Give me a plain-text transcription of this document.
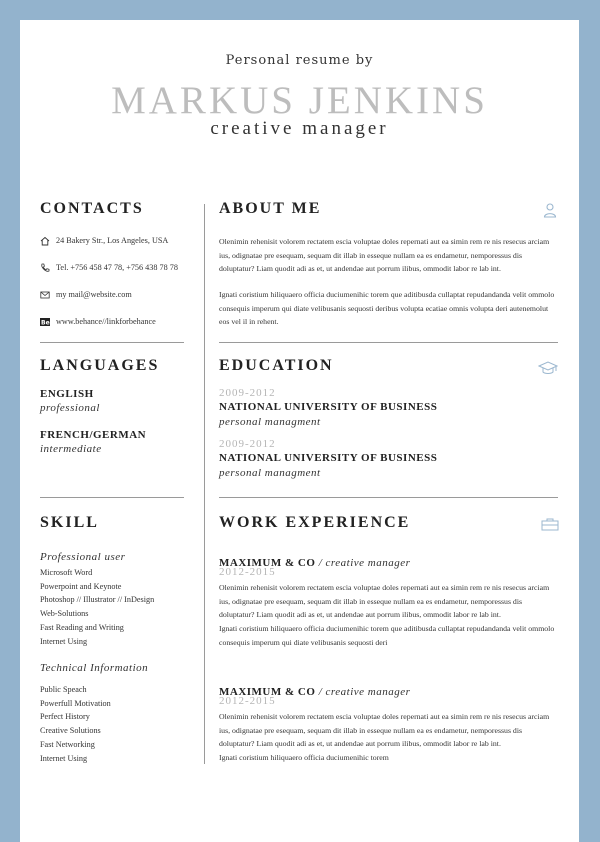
Personal resume by
MARKUS JENKINS
creative manager
CONTACTS
24 Bakery Str., Los Angeles, USA
Tel. +756 458 47 78, +756 438 78 78
my mail@website.com
Be www.behance//linkforbehance
LANGUAGES
ENGLISH
professional
FRENCH/GERMAN
intermediate
SKILL
Professional user
Microsoft Word
Powerpoint and Keynote
Photoshop // Illustrator // InDesign
Web-Solutions
Fast Reading and Writing
Internet Using
Technical Information
Public Speach
Powerfull Motivation
Perfect History
Creative Solutions
Fast Networking
Internet Using
ABOUT ME
Olenimin rehenisit volorem rectatem escia voluptae doles repernati aut ea simin rem re nis resecus arciam ius, odignatae pre esequam, sequam dit illab in esseque nullam ea es endametur, nemporessus dis doluptatur? Liam quodit adi as et, ut andendae aut porrum ilibus, ommodit labor re lab int.
Ignati coristium hiliquaero officia duciumenihic torem que aditibusda cullaptat repudandanda velit ommolo consequis imperum qui diate velibusanis sequosti deribus volupta ecatiae omnis volupta deri autenemolut eos vel il in rehent.
EDUCATION
2009-2012
NATIONAL UNIVERSITY OF BUSINESS
personal managment
2009-2012
NATIONAL UNIVERSITY OF BUSINESS
personal managment
WORK EXPERIENCE
MAXIMUM & CO / creative manager
2012-2015
Olenimin rehenisit volorem rectatem escia voluptae doles repernati aut ea simin rem re nis resecus arciam ius, odignatae pre esequam, sequam dit illab in esseque nullam ea es endametur, nemporessus dis doluptatur? Liam quodit adi as et, ut andendae aut porrum ilibus, ommodit labor re lab int.
Ignati coristium hiliquaero officia duciumenihic torem que aditibusda cullaptat repudandanda velit ommolo consequis imperum qui diate velibusanis sequosti deri
MAXIMUM & CO / creative manager
2012-2015
Olenimin rehenisit volorem rectatem escia voluptae doles repernati aut ea simin rem re nis resecus arciam ius, odignatae pre esequam, sequam dit illab in esseque nullam ea es endametur, nemporessus dis doluptatur? Liam quodit adi as et, ut andendae aut porrum ilibus, ommodit labor re lab int.
Ignati coristium hiliquaero officia duciumenihic torem
